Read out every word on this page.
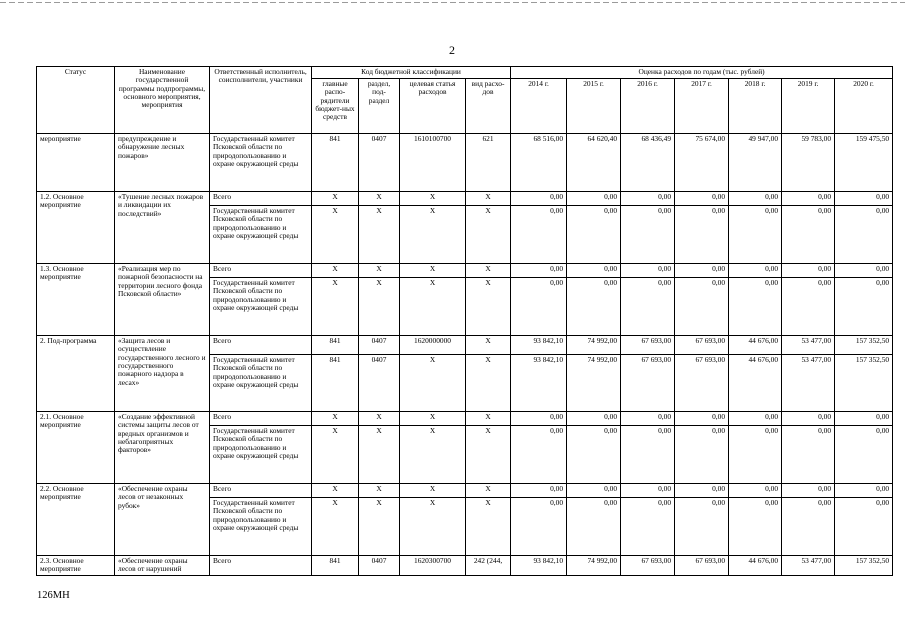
2
Статус	Наименование государственной программы подпрограммы, основного мероприятия, мероприятия	Ответственный исполнитель, соисполнители, участники	Код бюджетной классификации				Оценка расходов по годам (тыс. рублей)						
			главные распо-рядители бюджет-ных средств	раздел, под-раздел	целевая статья расходов	вид расхо-дов	2014 г.	2015 г.	2016 г.	2017 г.	2018 г.	2019 г.	2020 г.
мероприятие	предупреждение и обнаружение лесных пожаров»	Государственный комитет Псковской области по природопользованию и охране окружающей среды	841	0407	1610100700	621	68 516,00	64 620,40	68 436,49	75 674,00	49 947,00	59 783,00	159 475,50
1.2. Основное мероприятие	«Тушение лесных пожаров и ликвидации их последствий»	Всего	X	X	X	X	0,00	0,00	0,00	0,00	0,00	0,00	0,00
		Государственный комитет Псковской области по природопользованию и охране окружающей среды	X	X	X	X	0,00	0,00	0,00	0,00	0,00	0,00	0,00
1.3. Основное мероприятие	«Реализация мер по пожарной безопасности на территории лесного фонда Псковской области»	Всего	X	X	X	X	0,00	0,00	0,00	0,00	0,00	0,00	0,00
		Государственный комитет Псковской области по природопользованию и охране окружающей среды	X	X	X	X	0,00	0,00	0,00	0,00	0,00	0,00	0,00
2. Под-программа	«Защита лесов и осуществление государственного лесного и государственного пожарного надзора в лесах»	Всего	841	0407	1620000000	X	93 842,10	74 992,00	67 693,00	67 693,00	44 676,00	53 477,00	157 352,50
		Государственный комитет Псковской области по природопользованию и охране окружающей среды	841	0407	X	X	93 842,10	74 992,00	67 693,00	67 693,00	44 676,00	53 477,00	157 352,50
2.1. Основное мероприятие	«Создание эффективной системы защиты лесов от вредных организмов и неблагоприятных факторов»	Всего	X	X	X	X	0,00	0,00	0,00	0,00	0,00	0,00	0,00
		Государственный комитет Псковской области по природопользованию и охране окружающей среды	X	X	X	X	0,00	0,00	0,00	0,00	0,00	0,00	0,00
2.2. Основное мероприятие	«Обеспечение охраны лесов от незаконных рубок»	Всего	X	X	X	X	0,00	0,00	0,00	0,00	0,00	0,00	0,00
		Государственный комитет Псковской области по природопользованию и охране окружающей среды	X	X	X	X	0,00	0,00	0,00	0,00	0,00	0,00	0,00
2.3. Основное мероприятие	«Обеспечение охраны лесов от нарушений	Всего	841	0407	1620300700	242 (244,	93 842,10	74 992,00	67 693,00	67 693,00	44 676,00	53 477,00	157 352,50
126МН
